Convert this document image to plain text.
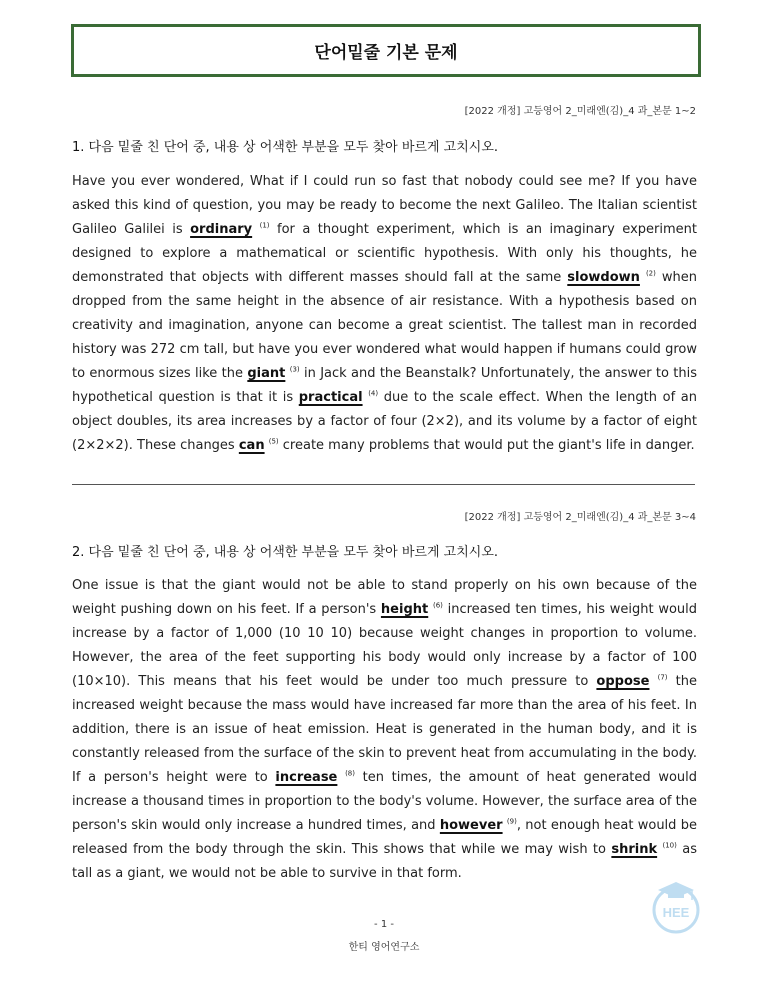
단어밑줄 기본 문제
[2022 개정] 고등영어 2_미래엔(김)_4 과_본문 1~2
1. 다음 밑줄 친 단어 중, 내용 상 어색한 부분을 모두 찾아 바르게 고치시오.

Have you ever wondered, What if I could run so fast that nobody could see me? If you have asked this kind of question, you may be ready to become the next Galileo. The Italian scientist Galileo Galilei is ordinary $^{(1)}$ for a thought experiment, which is an imaginary experiment designed to explore a mathematical or scientific hypothesis. With only his thoughts, he demonstrated that objects with different masses should fall at the same slowdown $^{(2)}$ when dropped from the same height in the absence of air resistance. With a hypothesis based on creativity and imagination, anyone can become a great scientist. The tallest man in recorded history was 272 cm tall, but have you ever wondered what would happen if humans could grow to enormous sizes like the giant $^{(3)}$ in Jack and the Beanstalk? Unfortunately, the answer to this hypothetical question is that it is practical $^{(4)}$ due to the scale effect. When the length of an object doubles, its area increases by a factor of four (2×2), and its volume by a factor of eight (2×2×2). These changes can $^{(5)}$ create many problems that would put the giant's life in danger.

[2022 개정] 고등영어 2_미래엔(김)_4 과_본문 3~4
2. 다음 밑줄 친 단어 중, 내용 상 어색한 부분을 모두 찾아 바르게 고치시오.

One issue is that the giant would not be able to stand properly on his own because of the weight pushing down on his feet. If a person's height $^{(6)}$ increased ten times, his weight would increase by a factor of 1,000 (10 10 10) because weight changes in proportion to volume. However, the area of the feet supporting his body would only increase by a factor of 100 (10×10). This means that his feet would be under too much pressure to oppose $^{(7)}$ the increased weight because the mass would have increased far more than the area of his feet. In addition, there is an issue of heat emission. Heat is generated in the human body, and it is constantly released from the surface of the skin to prevent heat from accumulating in the body. If a person's height were to increase $^{(8)}$ ten times, the amount of heat generated would increase a thousand times in proportion to the body's volume. However, the surface area of the person's skin would only increase a hundred times, and however $^{(9)}$, not enough heat would be released from the body through the skin. This shows that while we may wish to shrink $^{(10)}$ as tall as a giant, we would not be able to survive in that form.

- 1 -
한티 영어연구소
HEE
